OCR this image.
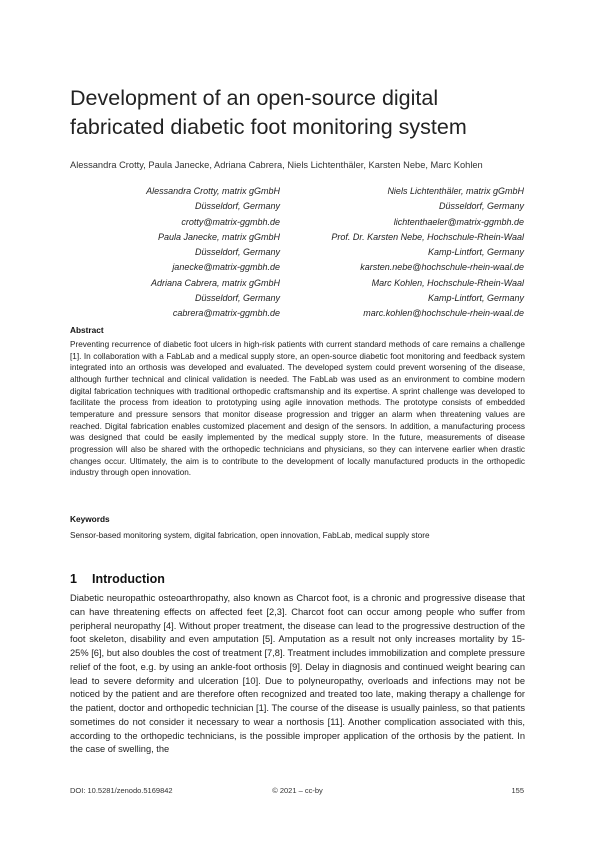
Development of an open-source digital fabricated diabetic foot monitoring system
Alessandra Crotty, Paula Janecke, Adriana Cabrera, Niels Lichtenthäler, Karsten Nebe, Marc Kohlen
Alessandra Crotty, matrix gGmbH
Düsseldorf, Germany
crotty@matrix-ggmbh.de
Paula Janecke, matrix gGmbH
Düsseldorf, Germany
janecke@matrix-ggmbh.de
Adriana Cabrera, matrix gGmbH
Düsseldorf, Germany
cabrera@matrix-ggmbh.de
Niels Lichtenthäler, matrix gGmbH
Düsseldorf, Germany
lichtenthaeler@matrix-ggmbh.de
Prof. Dr. Karsten Nebe, Hochschule-Rhein-Waal
Kamp-Lintfort, Germany
karsten.nebe@hochschule-rhein-waal.de
Marc Kohlen, Hochschule-Rhein-Waal
Kamp-Lintfort, Germany
marc.kohlen@hochschule-rhein-waal.de
Abstract

Preventing recurrence of diabetic foot ulcers in high-risk patients with current standard methods of care remains a challenge [1]. In collaboration with a FabLab and a medical supply store, an open-source diabetic foot monitoring and feedback system integrated into an orthosis was developed and evaluated. The developed system could prevent worsening of the disease, although further technical and clinical validation is needed. The FabLab was used as an environment to combine modern digital fabrication techniques with traditional orthopedic craftsmanship and its expertise. A sprint challenge was developed to facilitate the process from ideation to prototyping using agile innovation methods. The prototype consists of embedded temperature and pressure sensors that monitor disease progression and trigger an alarm when threatening values are reached. Digital fabrication enables customized placement and design of the sensors. In addition, a manufacturing process was designed that could be easily implemented by the medical supply store. In the future, measurements of disease progression will also be shared with the orthopedic technicians and physicians, so they can intervene earlier when drastic changes occur. Ultimately, the aim is to contribute to the development of locally manufactured products in the orthopedic industry through open innovation.

Keywords
Sensor-based monitoring system, digital fabrication, open innovation, FabLab, medical supply store
1 Introduction

Diabetic neuropathic osteoarthropathy, also known as Charcot foot, is a chronic and progressive disease that can have threatening effects on affected feet [2,3]. Charcot foot can occur among people who suffer from peripheral neuropathy [4]. Without proper treatment, the disease can lead to the progressive destruction of the foot skeleton, disability and even amputation [5]. Amputation as a result not only increases mortality by 15-25% [6], but also doubles the cost of treatment [7,8]. Treatment includes immobilization and complete pressure relief of the foot, e.g. by using an ankle-foot orthosis [9]. Delay in diagnosis and continued weight bearing can lead to severe deformity and ulceration [10]. Due to polyneuropathy, overloads and infections may not be noticed by the patient and are therefore often recognized and treated too late, making therapy a challenge for the patient, doctor and orthopedic technician [1]. The course of the disease is usually painless, so that patients sometimes do not consider it necessary to wear a northosis [11]. Another complication associated with this, according to the orthopedic technicians, is the possible improper application of the orthosis by the patient. In the case of swelling, the

DOI: 10.5281/zenodo.5169842	© 2021 – cc-by	155
